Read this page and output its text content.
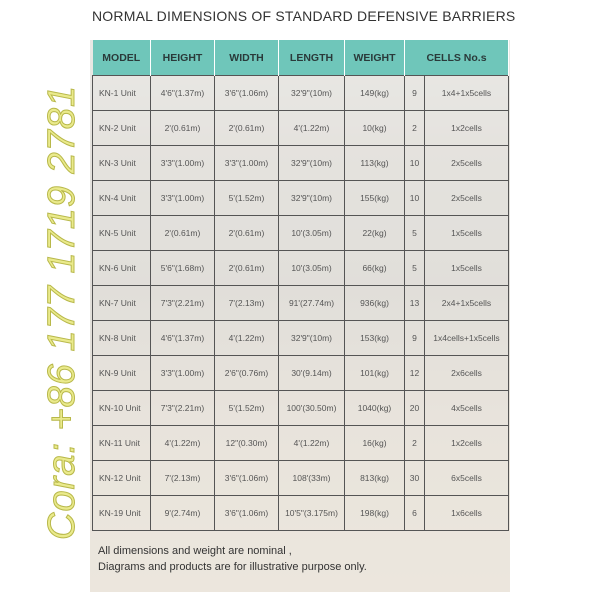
NORMAL DIMENSIONS OF STANDARD DEFENSIVE BARRIERS
MODEL	HEIGHT	WIDTH	LENGTH	WEIGHT	CELLS No.s	
KN-1 Unit	4'6"(1.37m)	3'6"(1.06m)	32'9"(10m)	149(kg)	9	1x4+1x5cells
KN-2 Unit	2'(0.61m)	2'(0.61m)	4'(1.22m)	10(kg)	2	1x2cells
KN-3 Unit	3'3"(1.00m)	3'3"(1.00m)	32'9"(10m)	113(kg)	10	2x5cells
KN-4 Unit	3'3"(1.00m)	5'(1.52m)	32'9"(10m)	155(kg)	10	2x5cells
KN-5 Unit	2'(0.61m)	2'(0.61m)	10'(3.05m)	22(kg)	5	1x5cells
KN-6 Unit	5'6"(1.68m)	2'(0.61m)	10'(3.05m)	66(kg)	5	1x5cells
KN-7 Unit	7'3"(2.21m)	7'(2.13m)	91'(27.74m)	936(kg)	13	2x4+1x5cells
KN-8 Unit	4'6"(1.37m)	4'(1.22m)	32'9"(10m)	153(kg)	9	1x4cells+1x5cells
KN-9 Unit	3'3"(1.00m)	2'6"(0.76m)	30'(9.14m)	101(kg)	12	2x6cells
KN-10 Unit	7'3"(2.21m)	5'(1.52m)	100'(30.50m)	1040(kg)	20	4x5cells
KN-11 Unit	4'(1.22m)	12"(0.30m)	4'(1.22m)	16(kg)	2	1x2cells
KN-12 Unit	7'(2.13m)	3'6"(1.06m)	108'(33m)	813(kg)	30	6x5cells
KN-19 Unit	9'(2.74m)	3'6"(1.06m)	10'5"(3.175m)	198(kg)	6	1x6cells
All dimensions and weight are nominal ,
Diagrams and products are for illustrative purpose only.
Cora: +86 177 1719 2781
